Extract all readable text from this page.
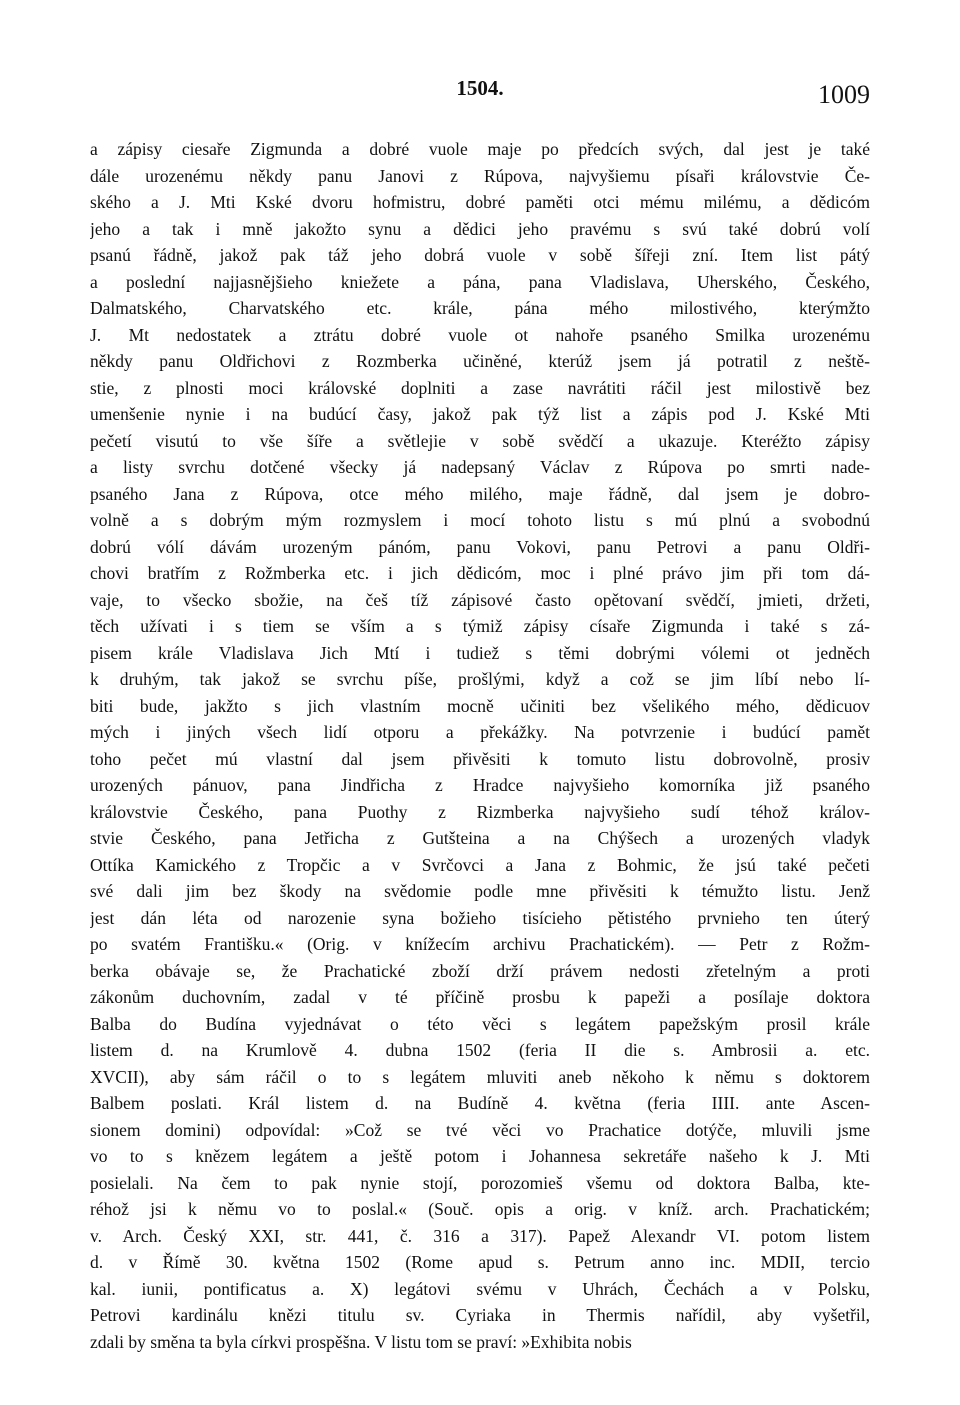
1504.	1009
a zápisy ciesaře Zigmunda a dobré vuole maje po předcích svých, dal jest je také
dále urozenému někdy panu Janovi z Rúpova, najvyšiemu písaři královstvie Če-
ského a J. Mti Kské dvoru hofmistru, dobré paměti otci mému milému, a dědicóm
jeho a tak i mně jakožto synu a dědici jeho pravému s svú také dobrú volí
psanú řádně, jakož pak táž jeho dobrá vuole v sobě šířeji zní. Item list pátý
a poslední najjasnějšieho kniežete a pána, pana Vladislava, Uherského, Českého,
Dalmatského, Charvatského etc. krále, pána mého milostivého, kterýmžto
J. Mt nedostatek a ztrátu dobré vuole ot nahoře psaného Smilka urozenému
někdy panu Oldřichovi z Rozmberka učiněné, kterúž jsem já potratil z neště-
stie, z plnosti moci královské doplniti a zase navrátiti ráčil jest milostivě bez
umenšenie nynie i na budúcí časy, jakož pak týž list a zápis pod J. Kské Mti
pečetí visutú to vše šíře a světlejie v sobě svědčí a ukazuje. Kteréžto zápisy
a listy svrchu dotčené všecky já nadepsaný Václav z Rúpova po smrti nade-
psaného Jana z Rúpova, otce mého milého, maje řádně, dal jsem je dobro-
volně a s dobrým mým rozmyslem i mocí tohoto listu s mú plnú a svobodnú
dobrú vólí dávám urozeným pánóm, panu Vokovi, panu Petrovi a panu Oldři-
chovi bratřím z Rožmberka etc. i jich dědicóm, moc i plné právo jim při tom dá-
vaje, to všecko sbožie, na češ tíž zápisové často opětovaní svědčí, jmieti, držeti,
těch užívati i s tiem se vším a s týmiž zápisy císaře Zigmunda i také s zá-
pisem krále Vladislava Jich Mtí i tudiež s těmi dobrými vólemi ot jedněch
k druhým, tak jakož se svrchu píše, prošlými, když a což se jim líbí nebo lí-
biti bude, jakžto s jich vlastním mocně učiniti bez všelikého mého, dědicuov
mých i jiných všech lidí otporu a překážky. Na potvrzenie i budúcí pamět
toho pečet mú vlastní dal jsem přivěsiti k tomuto listu dobrovolně, prosiv
urozených pánuov, pana Jindřicha z Hradce najvyšieho komorníka již psaného
královstvie Českého, pana Puothy z Rizmberka najvyšieho sudí téhož králov-
stvie Českého, pana Jetřicha z Gutšteina a na Chýšech a urozených vladyk
Ottíka Kamického z Tropčic a v Svrčovci a Jana z Bohmic, že jsú také pečeti
své dali jim bez škody na svědomie podle mne přivěsiti k témužto listu. Jenž
jest dán léta od narozenie syna božieho tisícieho pětistého prvnieho ten úterý
po svatém Františku.« (Orig. v knížecím archivu Prachatickém). — Petr z Rožm-
berka obávaje se, že Prachatické zboží drží právem nedosti zřetelným a proti
zákonům duchovním, zadal v té příčině prosbu k papeži a posílaje doktora
Balba do Budína vyjednávat o této věci s legátem papežským prosil krále
listem d. na Krumlově 4. dubna 1502 (feria II die s. Ambrosii a. etc.
XVCII), aby sám ráčil o to s legátem mluviti aneb někoho k němu s doktorem
Balbem poslati. Král listem d. na Budíně 4. května (feria IIII. ante Ascen-
sionem domini) odpovídal: »Což se tvé věci vo Prachatice dotýče, mluvili jsme
vo to s knězem legátem a ještě potom i Johannesa sekretáře našeho k J. Mti
posielali. Na čem to pak nynie stojí, porozomieš všemu od doktora Balba, kte-
réhož jsi k němu vo to poslal.« (Souč. opis a orig. v kníž. arch. Prachatickém;
v. Arch. Český XXI, str. 441, č. 316 a 317). Papež Alexandr VI. potom listem
d. v Římě 30. května 1502 (Rome apud s. Petrum anno inc. MDII, tercio
kal. iunii, pontificatus a. X) legátovi svému v Uhrách, Čechách a v Polsku,
Petrovi kardinálu knězi titulu sv. Cyriaka in Thermis nařídil, aby vyšetřil,
zdali by směna ta byla církvi prospěšna. V listu tom se praví: »Exhibita nobis
